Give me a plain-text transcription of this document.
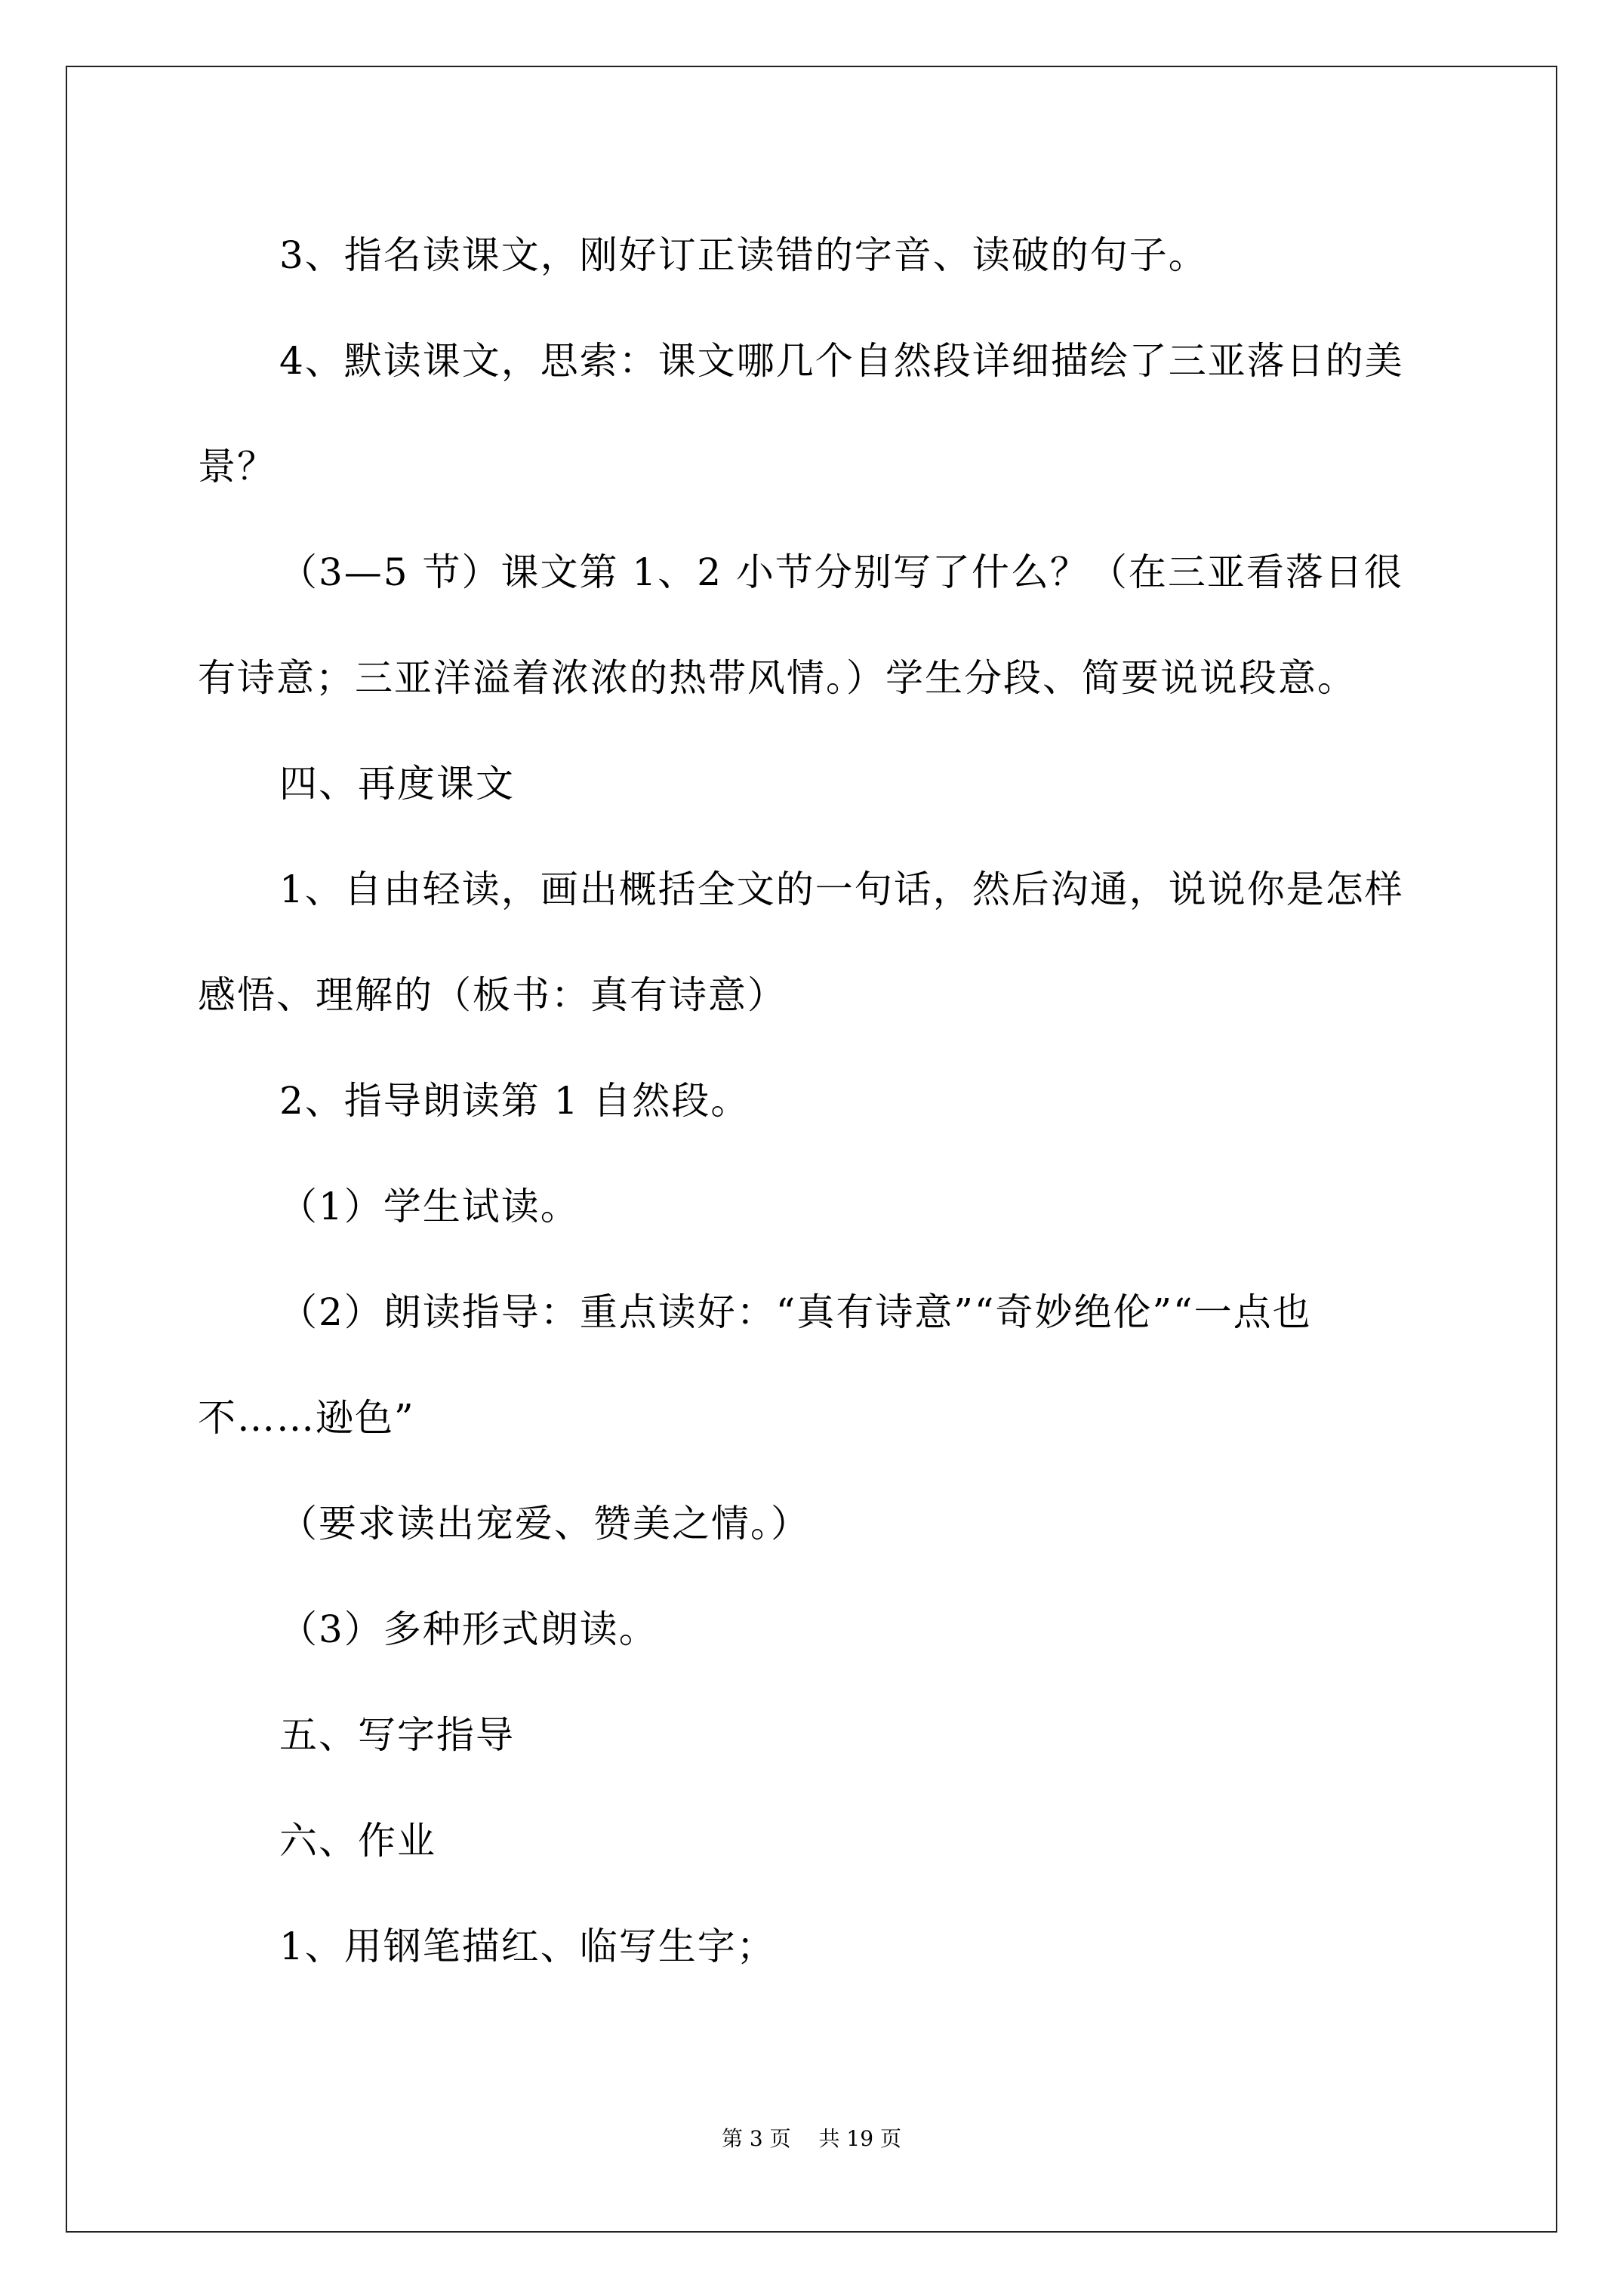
3、指名读课文，刚好订正读错的字音、读破的句子。
4、默读课文，思索：课文哪几个自然段详细描绘了三亚落日的美
景？
（3—5 节）课文第 1、2 小节分别写了什么？（在三亚看落日很
有诗意；三亚洋溢着浓浓的热带风情。）学生分段、简要说说段意。
四、再度课文
1、自由轻读，画出概括全文的一句话，然后沟通，说说你是怎样
感悟、理解的（板书：真有诗意）
2、指导朗读第 1 自然段。
（1）学生试读。
（2）朗读指导：重点读好：“真有诗意”“奇妙绝伦”“一点也
不……逊色”
（要求读出宠爱、赞美之情。）
（3）多种形式朗读。
五、写字指导
六、作业
1、用钢笔描红、临写生字；
第 3 页　 共 19 页
